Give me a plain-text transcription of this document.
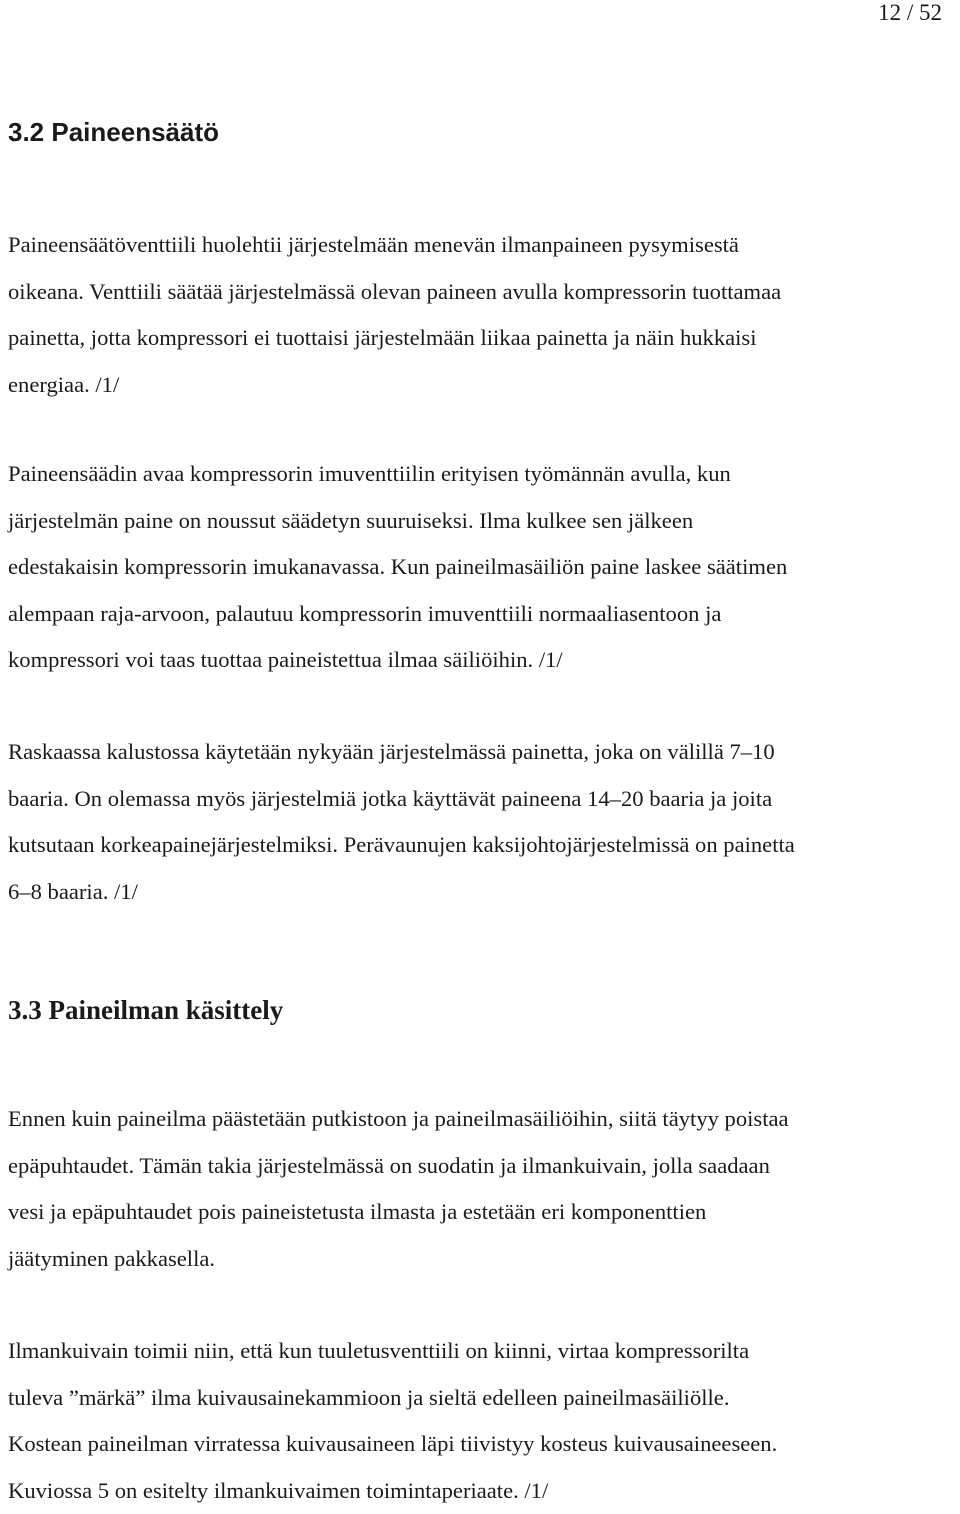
12 / 52
3.2 Paineensäätö

Paineensäätöventtiili huolehtii järjestelmään menevän ilmanpaineen pysymisestä
oikeana. Venttiili säätää järjestelmässä olevan paineen avulla kompressorin tuottamaa
painetta, jotta kompressori ei tuottaisi järjestelmään liikaa painetta ja näin hukkaisi
energiaa. /1/

Paineensäädin avaa kompressorin imuventtiilin erityisen työmännän avulla, kun
järjestelmän paine on noussut säädetyn suuruiseksi. Ilma kulkee sen jälkeen
edestakaisin kompressorin imukanavassa. Kun paineilmasäiliön paine laskee säätimen
alempaan raja-arvoon, palautuu kompressorin imuventtiili normaaliasentoon ja
kompressori voi taas tuottaa paineistettua ilmaa säiliöihin. /1/

Raskaassa kalustossa käytetään nykyään järjestelmässä painetta, joka on välillä 7–10
baaria. On olemassa myös järjestelmiä jotka käyttävät paineena 14–20 baaria ja joita
kutsutaan korkeapainejärjestelmiksi. Perävaunujen kaksijohtojärjestelmissä on painetta
6–8 baaria. /1/

3.3 Paineilman käsittely

Ennen kuin paineilma päästetään putkistoon ja paineilmasäiliöihin, siitä täytyy poistaa
epäpuhtaudet. Tämän takia järjestelmässä on suodatin ja ilmankuivain, jolla saadaan
vesi ja epäpuhtaudet pois paineistetusta ilmasta ja estetään eri komponenttien
jäätyminen pakkasella.

Ilmankuivain toimii niin, että kun tuuletusventtiili on kiinni, virtaa kompressorilta
tuleva ”märkä” ilma kuivausainekammioon ja sieltä edelleen paineilmasäiliölle.
Kostean paineilman virratessa kuivausaineen läpi tiivistyy kosteus kuivausaineeseen.
Kuviossa 5 on esitelty ilmankuivaimen toimintaperiaate. /1/
